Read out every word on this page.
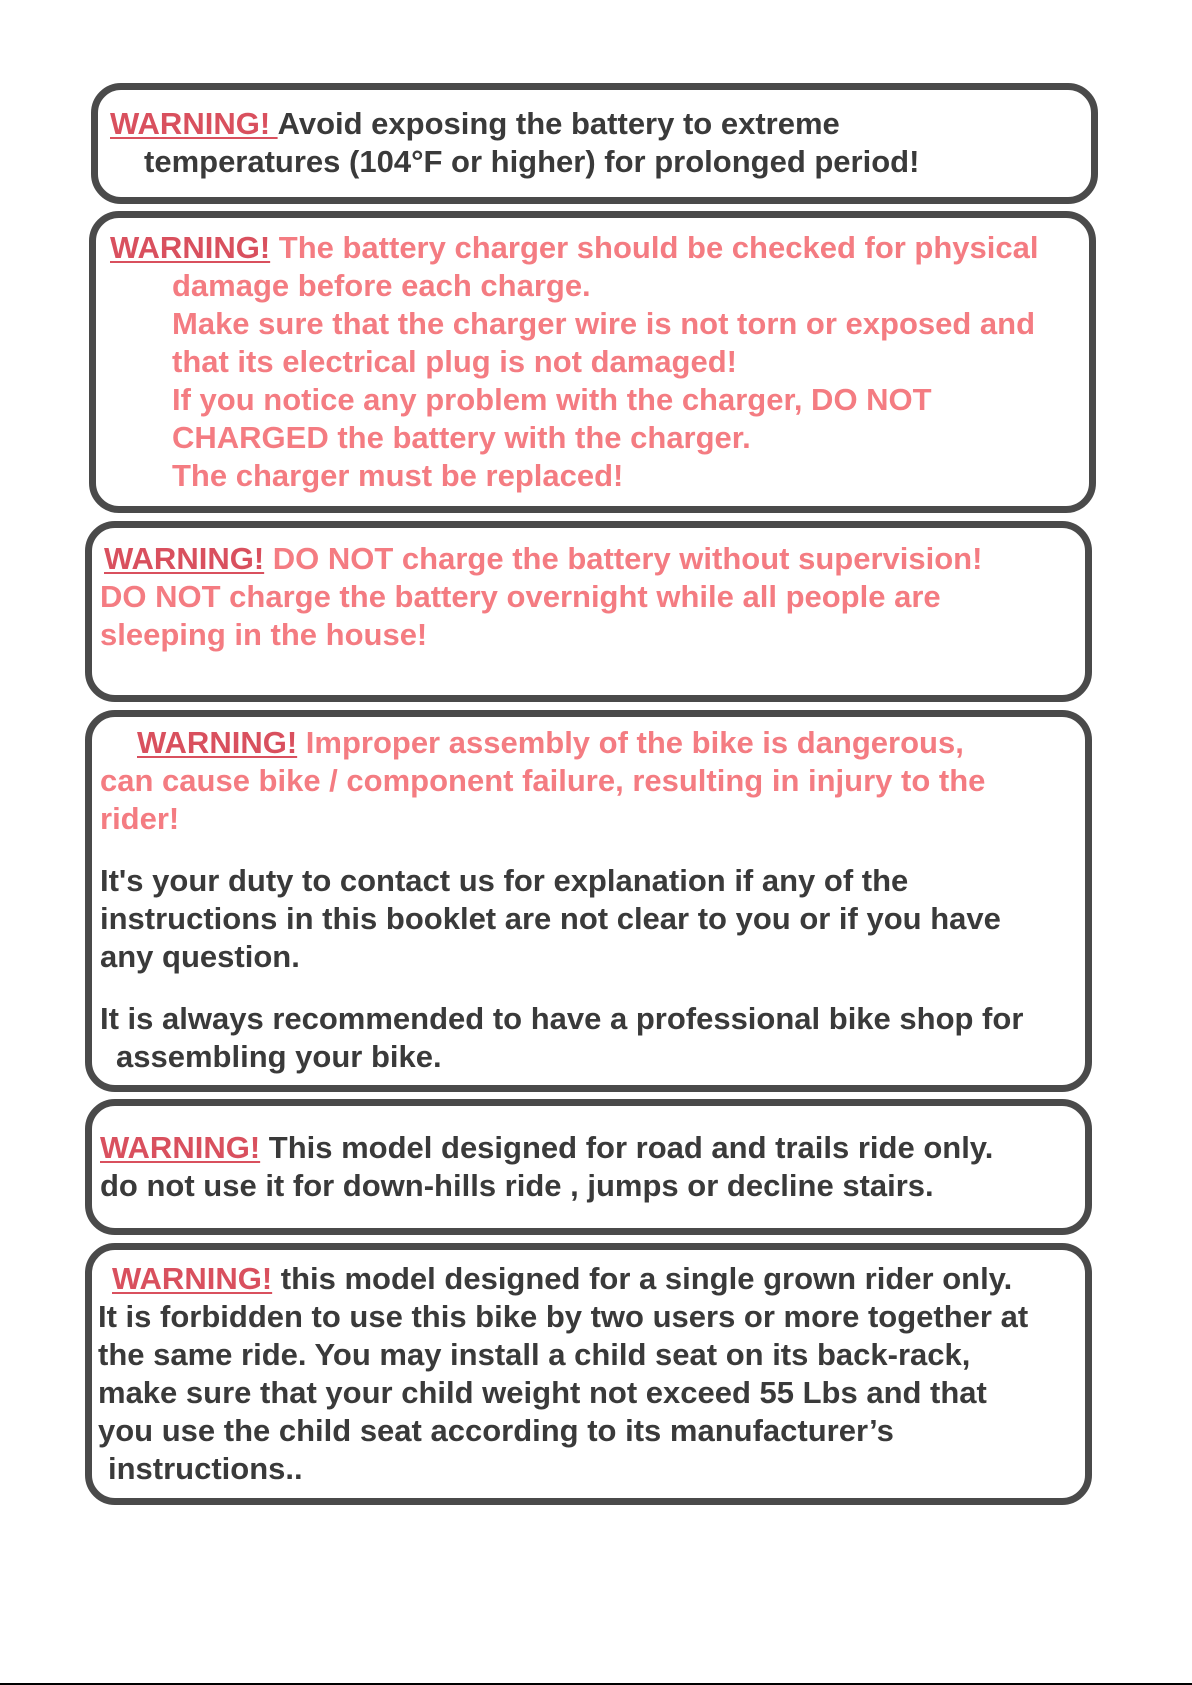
WARNING! Avoid exposing the battery to extreme
temperatures (104°F or higher) for prolonged period!
WARNING! The battery charger should be checked for physical
damage before each charge.
Make sure that the charger wire is not torn or exposed and
that its electrical plug is not damaged!
If you notice any problem with the charger, DO NOT
CHARGED the battery with the charger.
The charger must be replaced!
WARNING! DO NOT charge the battery without supervision!
DO NOT charge the battery overnight while all people are
sleeping in the house!
WARNING! Improper assembly of the bike is dangerous,
can cause bike / component failure, resulting in injury to the
rider!
It's your duty to contact us for explanation if any of the
instructions in this booklet are not clear to you or if you have
any question.
It is always recommended to have a professional bike shop for
assembling your bike.
WARNING! This model designed for road and trails ride only.
do not use it for down-hills ride , jumps or decline stairs.
WARNING! this model designed for a single grown rider only.
It is forbidden to use this bike by two users or more together at
the same ride. You may install a child seat on its back-rack,
make sure that your child weight not exceed 55 Lbs and that
you use the child seat according to its manufacturer’s
instructions..
